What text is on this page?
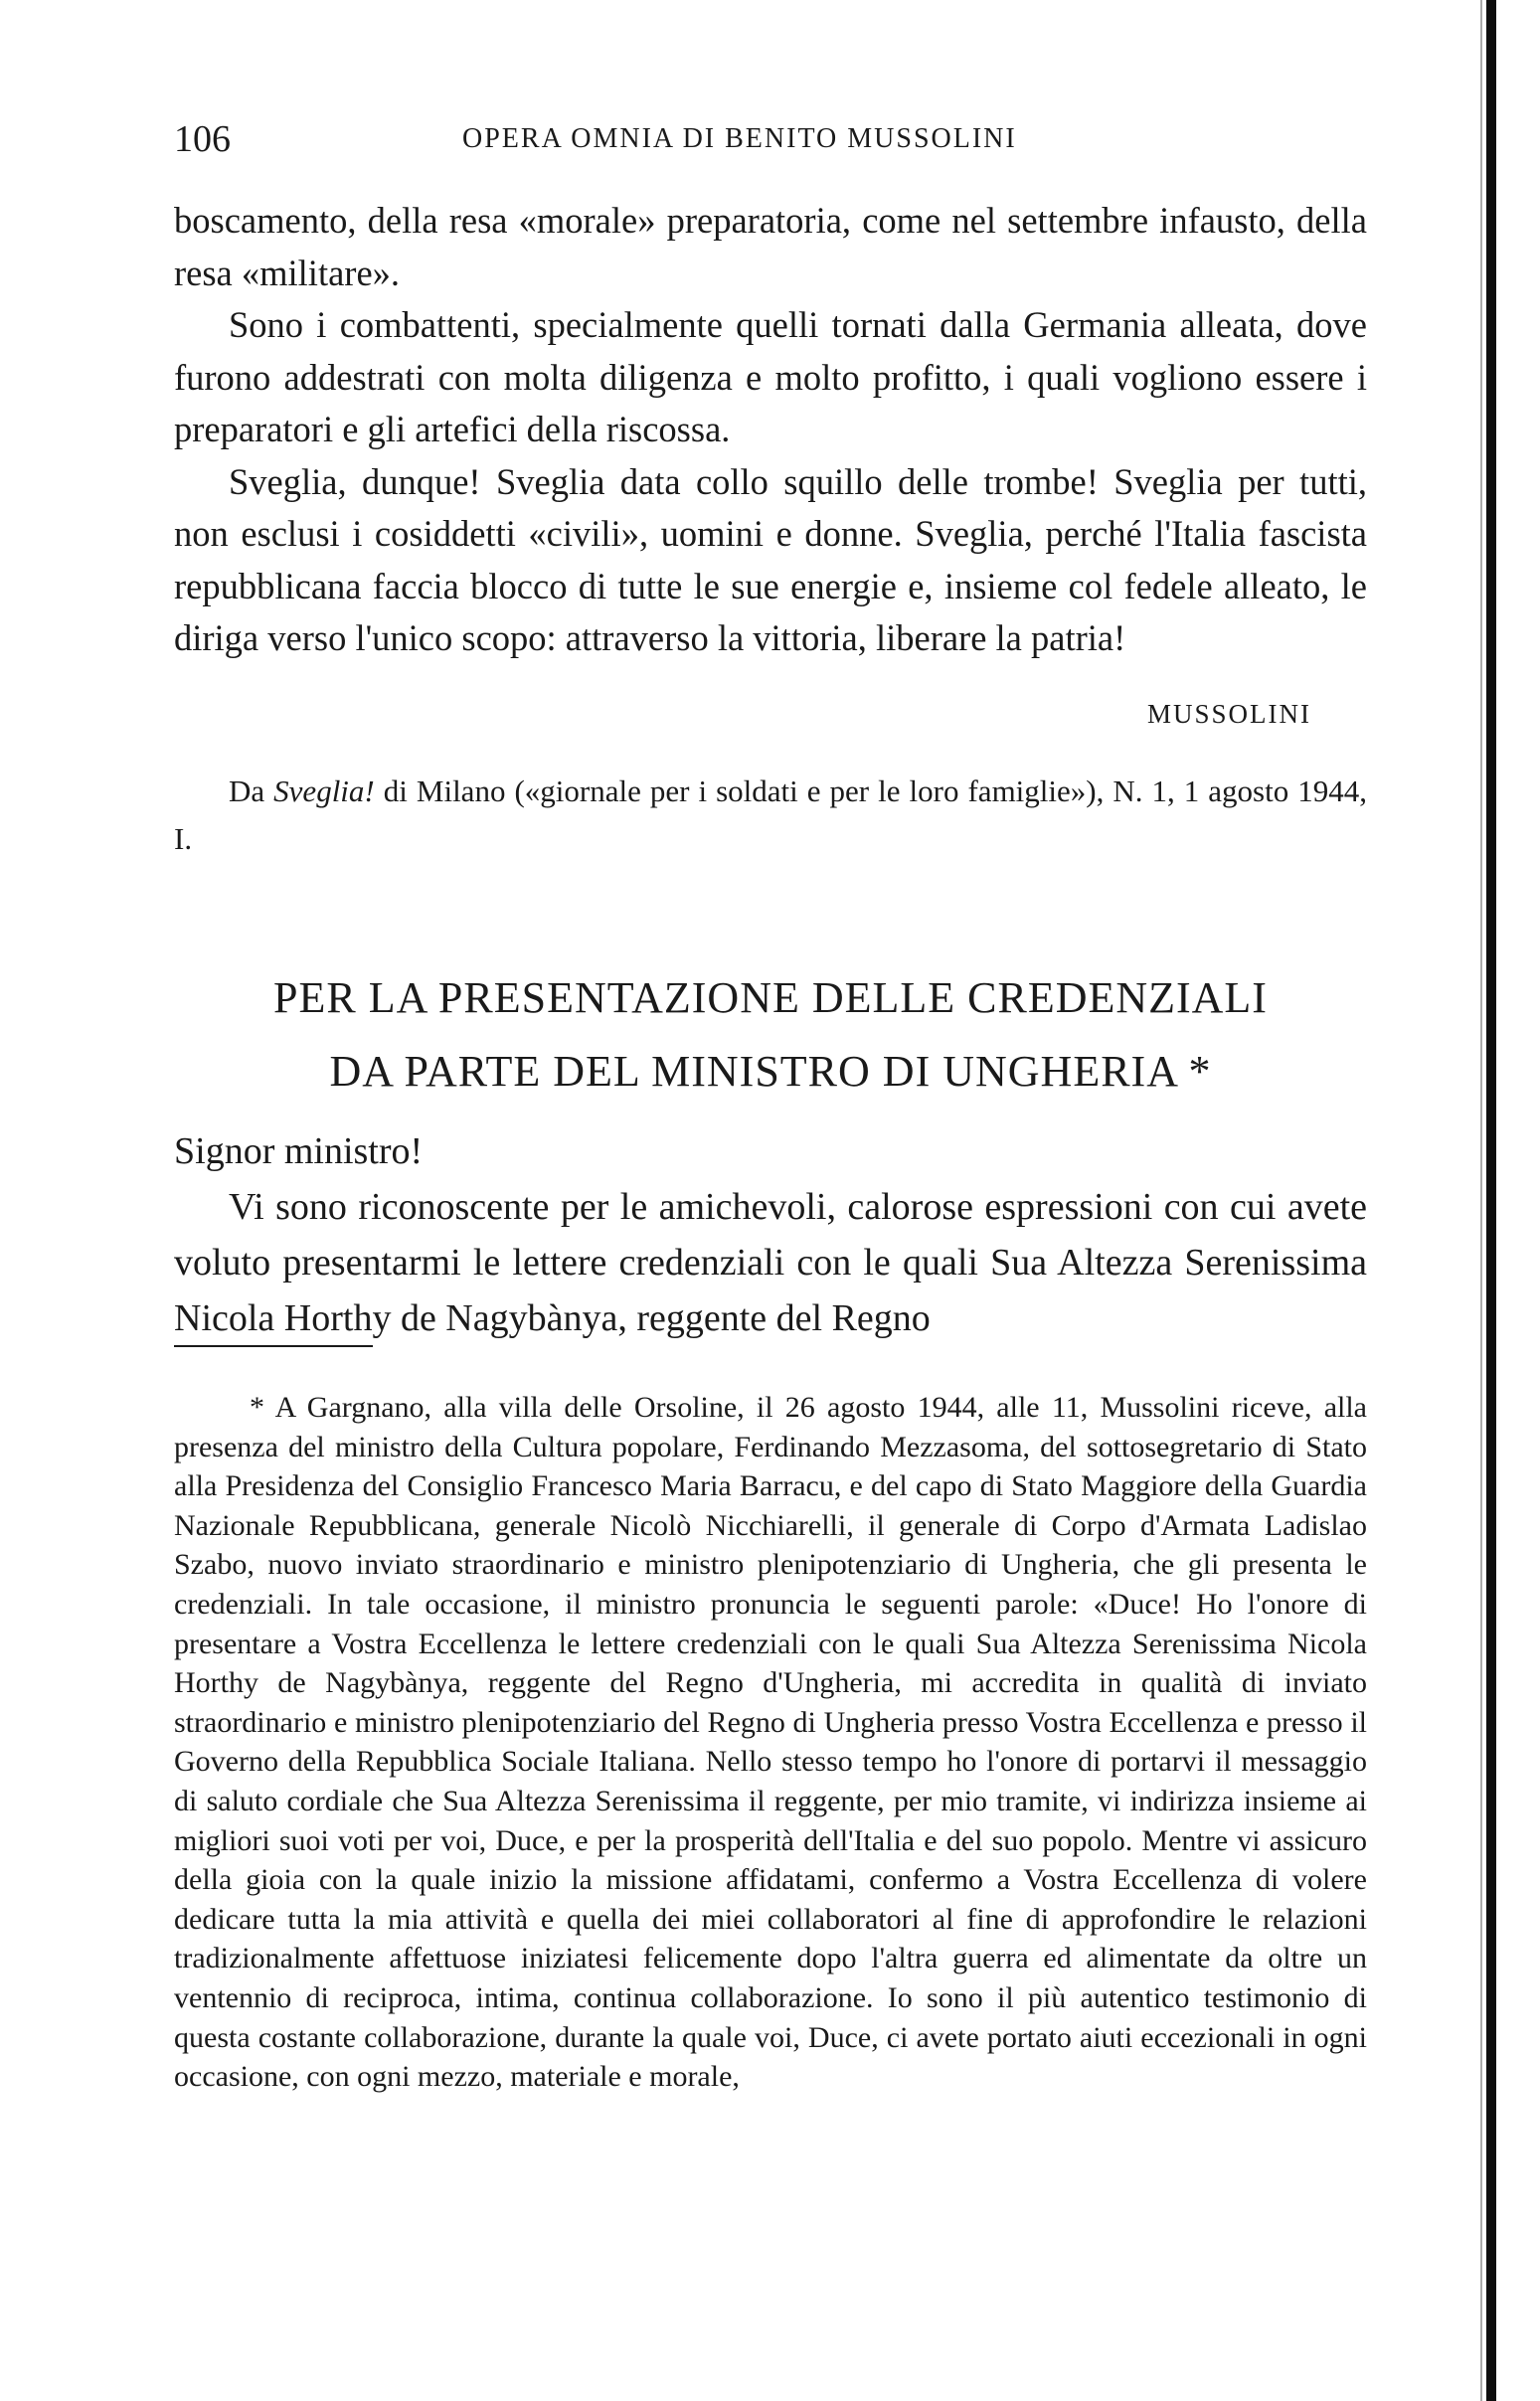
106	OPERA OMNIA DI BENITO MUSSOLINI

boscamento, della resa «morale» preparatoria, come nel settembre infausto, della resa «militare».

Sono i combattenti, specialmente quelli tornati dalla Germania alleata, dove furono addestrati con molta diligenza e molto profitto, i quali vogliono essere i preparatori e gli artefici della riscossa.

Sveglia, dunque! Sveglia data collo squillo delle trombe! Sveglia per tutti, non esclusi i cosiddetti «civili», uomini e donne. Sveglia, perché l'Italia fascista repubblicana faccia blocco di tutte le sue energie e, insieme col fedele alleato, le diriga verso l'unico scopo: attraverso la vittoria, liberare la patria!

MUSSOLINI

Da Sveglia! di Milano («giornale per i soldati e per le loro famiglie»), N. 1, 1 agosto 1944, I.

PER LA PRESENTAZIONE DELLE CREDENZIALI
DA PARTE DEL MINISTRO DI UNGHERIA *

Signor ministro!

Vi sono riconoscente per le amichevoli, calorose espressioni con cui avete voluto presentarmi le lettere credenziali con le quali Sua Altezza Serenissima Nicola Horthy de Nagybànya, reggente del Regno

* A Gargnano, alla villa delle Orsoline, il 26 agosto 1944, alle 11, Mussolini riceve, alla presenza del ministro della Cultura popolare, Ferdinando Mezzasoma, del sottosegretario di Stato alla Presidenza del Consiglio Francesco Maria Barracu, e del capo di Stato Maggiore della Guardia Nazionale Repubblicana, generale Nicolò Nicchiarelli, il generale di Corpo d'Armata Ladislao Szabo, nuovo inviato straordinario e ministro plenipotenziario di Ungheria, che gli presenta le credenziali. In tale occasione, il ministro pronuncia le seguenti parole: «Duce! Ho l'onore di presentare a Vostra Eccellenza le lettere credenziali con le quali Sua Altezza Serenissima Nicola Horthy de Nagybànya, reggente del Regno d'Ungheria, mi accredita in qualità di inviato straordinario e ministro plenipotenziario del Regno di Ungheria presso Vostra Eccellenza e presso il Governo della Repubblica Sociale Italiana. Nello stesso tempo ho l'onore di portarvi il messaggio di saluto cordiale che Sua Altezza Serenissima il reggente, per mio tramite, vi indirizza insieme ai migliori suoi voti per voi, Duce, e per la prosperità dell'Italia e del suo popolo. Mentre vi assicuro della gioia con la quale inizio la missione affidatami, confermo a Vostra Eccellenza di volere dedicare tutta la mia attività e quella dei miei collaboratori al fine di approfondire le relazioni tradizionalmente affettuose iniziatesi felicemente dopo l'altra guerra ed alimentate da oltre un ventennio di reciproca, intima, continua collaborazione. Io sono il più autentico testimonio di questa costante collaborazione, durante la quale voi, Duce, ci avete portato aiuti eccezionali in ogni occasione, con ogni mezzo, materiale e morale,
